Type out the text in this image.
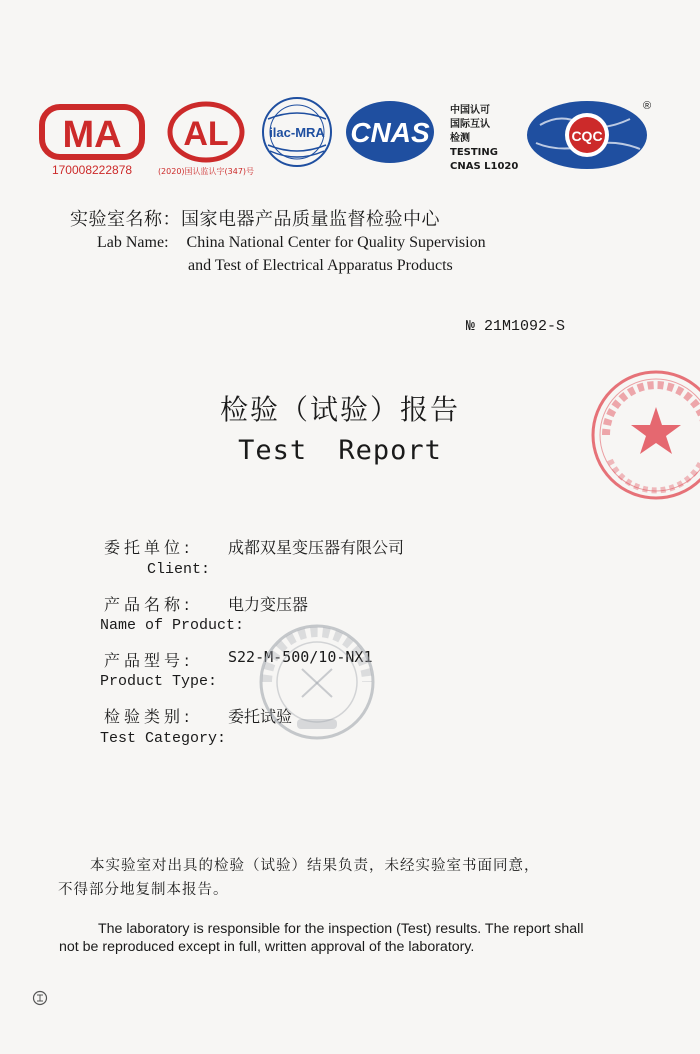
MA
170008222878
AL
(2020)国认监认字(347)号
ilac-MRA CNAS
中国认可
国际互认
检测
TESTING
CNAS L1020
CQC
®
实验室名称：国家电器产品质量监督检验中心
Lab Name: China National Center for Quality Supervision
and Test of Electrical Apparatus Products
№ 21M1092-S
检验（试验）报告
Test Report
委托单位: 成都双星变压器有限公司
Client:
产品名称: 电力变压器
Name of Product:
产品型号: S22-M-500/10-NX1
Product Type:
检验类别: 委托试验
Test Category:
本实验室对出具的检验（试验）结果负责，未经实验室书面同意，
不得部分地复制本报告。
The laboratory is responsible for the inspection (Test) results. The report shall
not be reproduced except in full, written approval of the laboratory.
